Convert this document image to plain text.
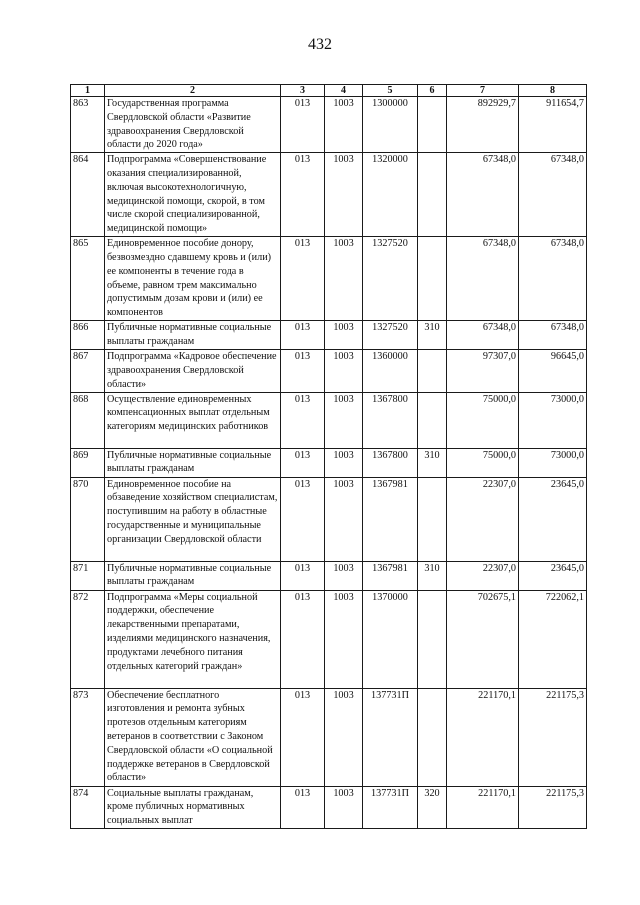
432
1	2	3	4	5	6	7	8
863	Государственная программа Свердловской области «Развитие здравоохранения Свердловской области до 2020 года»	013	1003	1300000		892929,7	911654,7
864	Подпрограмма «Совершенствование оказания специализированной, включая высокотехнологичную, медицинской помощи, скорой, в том числе скорой специализированной, медицинской помощи»	013	1003	1320000		67348,0	67348,0
865	Единовременное пособие донору, безвозмездно сдавшему кровь и (или) ее компоненты в течение года в объеме, равном трем максимально допустимым дозам крови и (или) ее компонентов	013	1003	1327520		67348,0	67348,0
866	Публичные нормативные социальные выплаты гражданам	013	1003	1327520	310	67348,0	67348,0
867	Подпрограмма «Кадровое обеспечение здравоохранения Свердловской области»	013	1003	1360000		97307,0	96645,0
868	Осуществление единовременных компенсационных выплат отдельным категориям медицинских работников	013	1003	1367800		75000,0	73000,0
869	Публичные нормативные социальные выплаты гражданам	013	1003	1367800	310	75000,0	73000,0
870	Единовременное пособие на обзаведение хозяйством специалистам, поступившим на работу в областные государственные и муниципальные организации Свердловской области	013	1003	1367981		22307,0	23645,0
871	Публичные нормативные социальные выплаты гражданам	013	1003	1367981	310	22307,0	23645,0
872	Подпрограмма «Меры социальной поддержки, обеспечение лекарственными препаратами, изделиями медицинского назначения, продуктами лечебного питания отдельных категорий граждан»	013	1003	1370000		702675,1	722062,1
873	Обеспечение бесплатного изготовления и ремонта зубных протезов отдельным категориям ветеранов в соответствии с Законом Свердловской области «О социальной поддержке ветеранов в Свердловской области»	013	1003	137731П		221170,1	221175,3
874	Социальные выплаты гражданам, кроме публичных нормативных социальных выплат	013	1003	137731П	320	221170,1	221175,3
